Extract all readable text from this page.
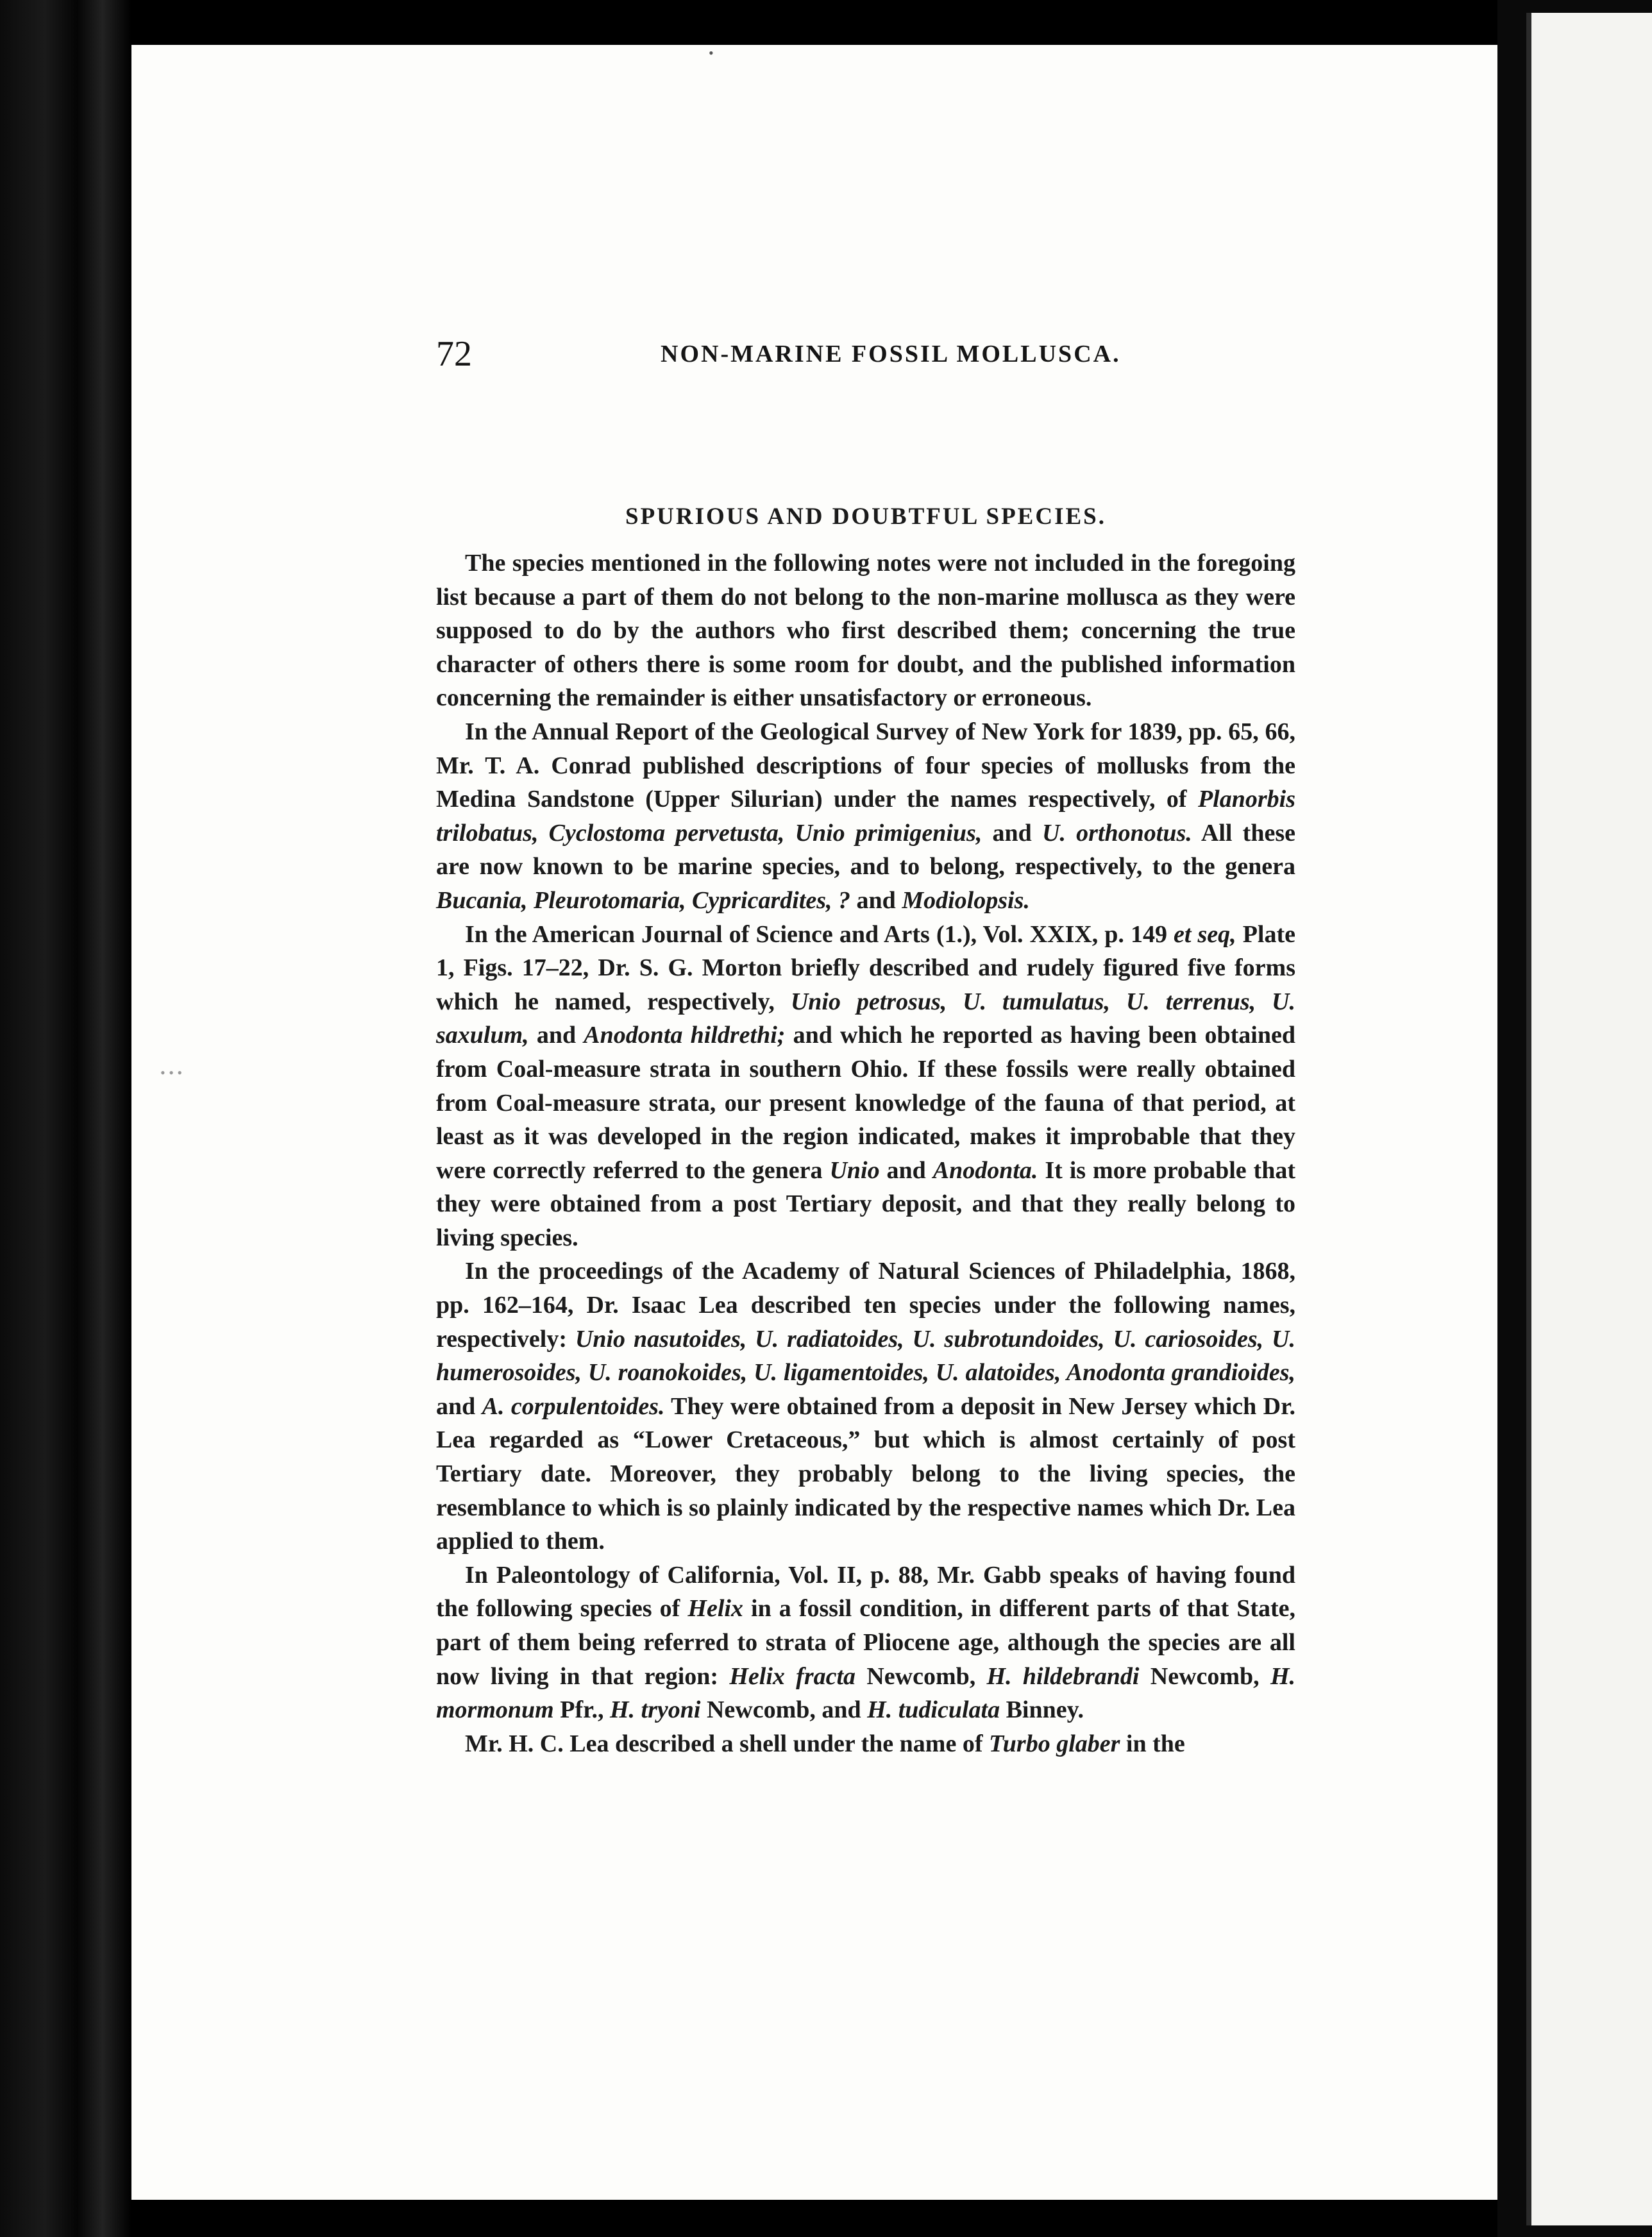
•
• • •
72	NON-MARINE FOSSIL MOLLUSCA.
SPURIOUS AND DOUBTFUL SPECIES.

The species mentioned in the following notes were not included in the foregoing list because a part of them do not belong to the non-marine mollusca as they were supposed to do by the authors who first described them; concerning the true character of others there is some room for doubt, and the published information concerning the remainder is either unsatisfactory or erroneous.

In the Annual Report of the Geological Survey of New York for 1839, pp. 65, 66, Mr. T. A. Conrad published descriptions of four species of mollusks from the Medina Sandstone (Upper Silurian) under the names respectively, of Planorbis trilobatus, Cyclostoma pervetusta, Unio primigenius, and U. orthonotus. All these are now known to be marine species, and to belong, respectively, to the genera Bucania, Pleurotomaria, Cypricardites, ? and Modiolopsis.

In the American Journal of Science and Arts (1.), Vol. XXIX, p. 149 et seq, Plate 1, Figs. 17–22, Dr. S. G. Morton briefly described and rudely figured five forms which he named, respectively, Unio petrosus, U. tumulatus, U. terrenus, U. saxulum, and Anodonta hildrethi; and which he reported as having been obtained from Coal-measure strata in southern Ohio. If these fossils were really obtained from Coal-measure strata, our present knowledge of the fauna of that period, at least as it was developed in the region indicated, makes it improbable that they were correctly referred to the genera Unio and Anodonta. It is more probable that they were obtained from a post Tertiary deposit, and that they really belong to living species.

In the proceedings of the Academy of Natural Sciences of Philadelphia, 1868, pp. 162–164, Dr. Isaac Lea described ten species under the following names, respectively: Unio nasutoides, U. radiatoides, U. subrotundoides, U. cariosoides, U. humerosoides, U. roanokoides, U. ligamentoides, U. alatoides, Anodonta grandioides, and A. corpulentoides. They were obtained from a deposit in New Jersey which Dr. Lea regarded as “Lower Cretaceous,” but which is almost certainly of post Tertiary date. Moreover, they probably belong to the living species, the resemblance to which is so plainly indicated by the respective names which Dr. Lea applied to them.

In Paleontology of California, Vol. II, p. 88, Mr. Gabb speaks of having found the following species of Helix in a fossil condition, in different parts of that State, part of them being referred to strata of Pliocene age, although the species are all now living in that region: Helix fracta Newcomb, H. hildebrandi Newcomb, H. mormonum Pfr., H. tryoni Newcomb, and H. tudiculata Binney.

Mr. H. C. Lea described a shell under the name of Turbo glaber in the
